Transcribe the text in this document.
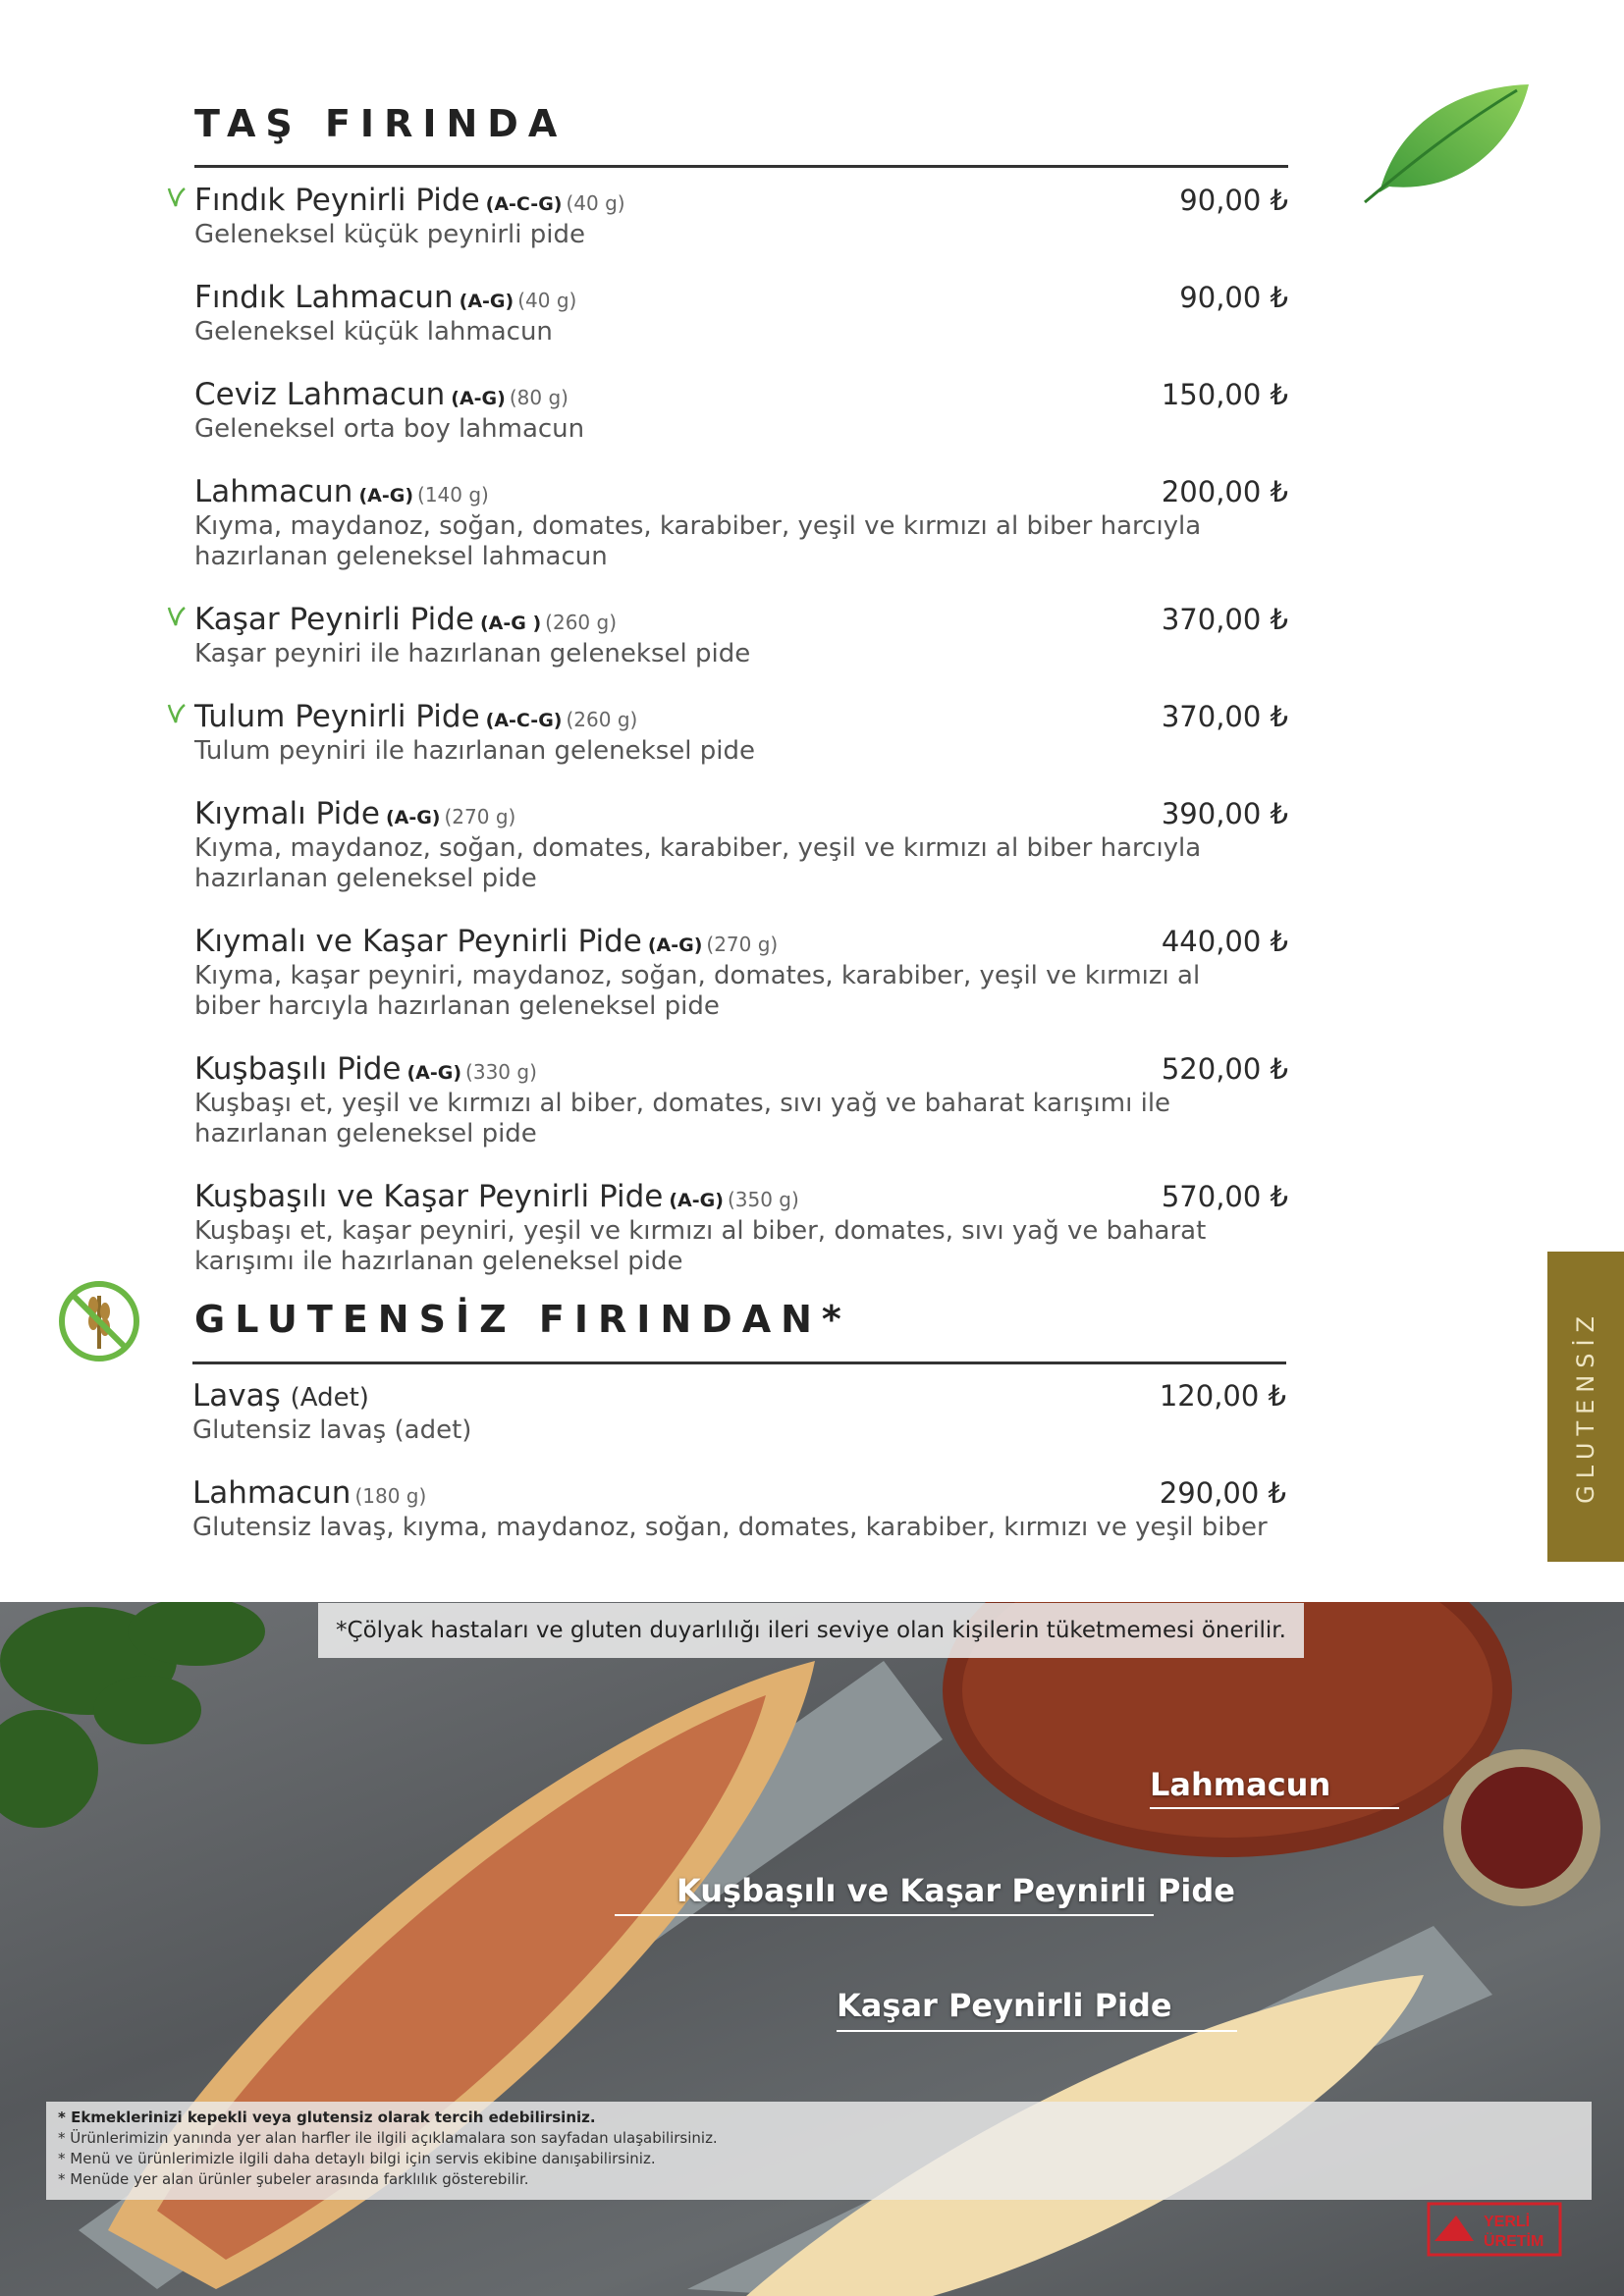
TAŞ FIRINDA
Fındık Peynirli Pide (A-C-G) (40 g)	90,00 ₺
Geleneksel küçük peynirli pide
Fındık Lahmacun (A-G) (40 g)	90,00 ₺
Geleneksel küçük lahmacun
Ceviz Lahmacun (A-G) (80 g)	150,00 ₺
Geleneksel orta boy lahmacun
Lahmacun (A-G) (140 g)	200,00 ₺
Kıyma, maydanoz, soğan, domates, karabiber, yeşil ve kırmızı al biber harcıyla hazırlanan geleneksel lahmacun
Kaşar Peynirli Pide (A-G ) (260 g)	370,00 ₺
Kaşar peyniri ile hazırlanan geleneksel pide
Tulum Peynirli Pide (A-C-G) (260 g)	370,00 ₺
Tulum peyniri ile hazırlanan geleneksel pide
Kıymalı Pide (A-G) (270 g)	390,00 ₺
Kıyma, maydanoz, soğan, domates, karabiber, yeşil ve kırmızı al biber harcıyla hazırlanan geleneksel pide
Kıymalı ve Kaşar Peynirli Pide (A-G) (270 g)	440,00 ₺
Kıyma, kaşar peyniri, maydanoz, soğan, domates, karabiber, yeşil ve kırmızı al biber harcıyla hazırlanan geleneksel pide
Kuşbaşılı Pide (A-G) (330 g)	520,00 ₺
Kuşbaşı et, yeşil ve kırmızı al biber, domates, sıvı yağ ve baharat karışımı ile hazırlanan geleneksel pide
Kuşbaşılı ve Kaşar Peynirli Pide (A-G) (350 g)	570,00 ₺
Kuşbaşı et, kaşar peyniri, yeşil ve kırmızı al biber, domates, sıvı yağ ve baharat karışımı ile hazırlanan geleneksel pide
GLUTENSİZ FIRINDAN*
Lavaş (Adet)	120,00 ₺
Glutensiz lavaş (adet)
Lahmacun (180 g)	290,00 ₺
Glutensiz lavaş, kıyma, maydanoz, soğan, domates, karabiber, kırmızı ve yeşil biber
GLUTENSİZ
*Çölyak hastaları ve gluten duyarlılığı ileri seviye olan kişilerin tüketmemesi önerilir.
Lahmacun
Kuşbaşılı ve Kaşar Peynirli Pide
Kaşar Peynirli Pide
* Ekmeklerinizi kepekli veya glutensiz olarak tercih edebilirsiniz.
* Ürünlerimizin yanında yer alan harfler ile ilgili açıklamalara son sayfadan ulaşabilirsiniz.
* Menü ve ürünlerimizle ilgili daha detaylı bilgi için servis ekibine danışabilirsiniz.
* Menüde yer alan ürünler şubeler arasında farklılık gösterebilir.
YERLİ
ÜRETİM
